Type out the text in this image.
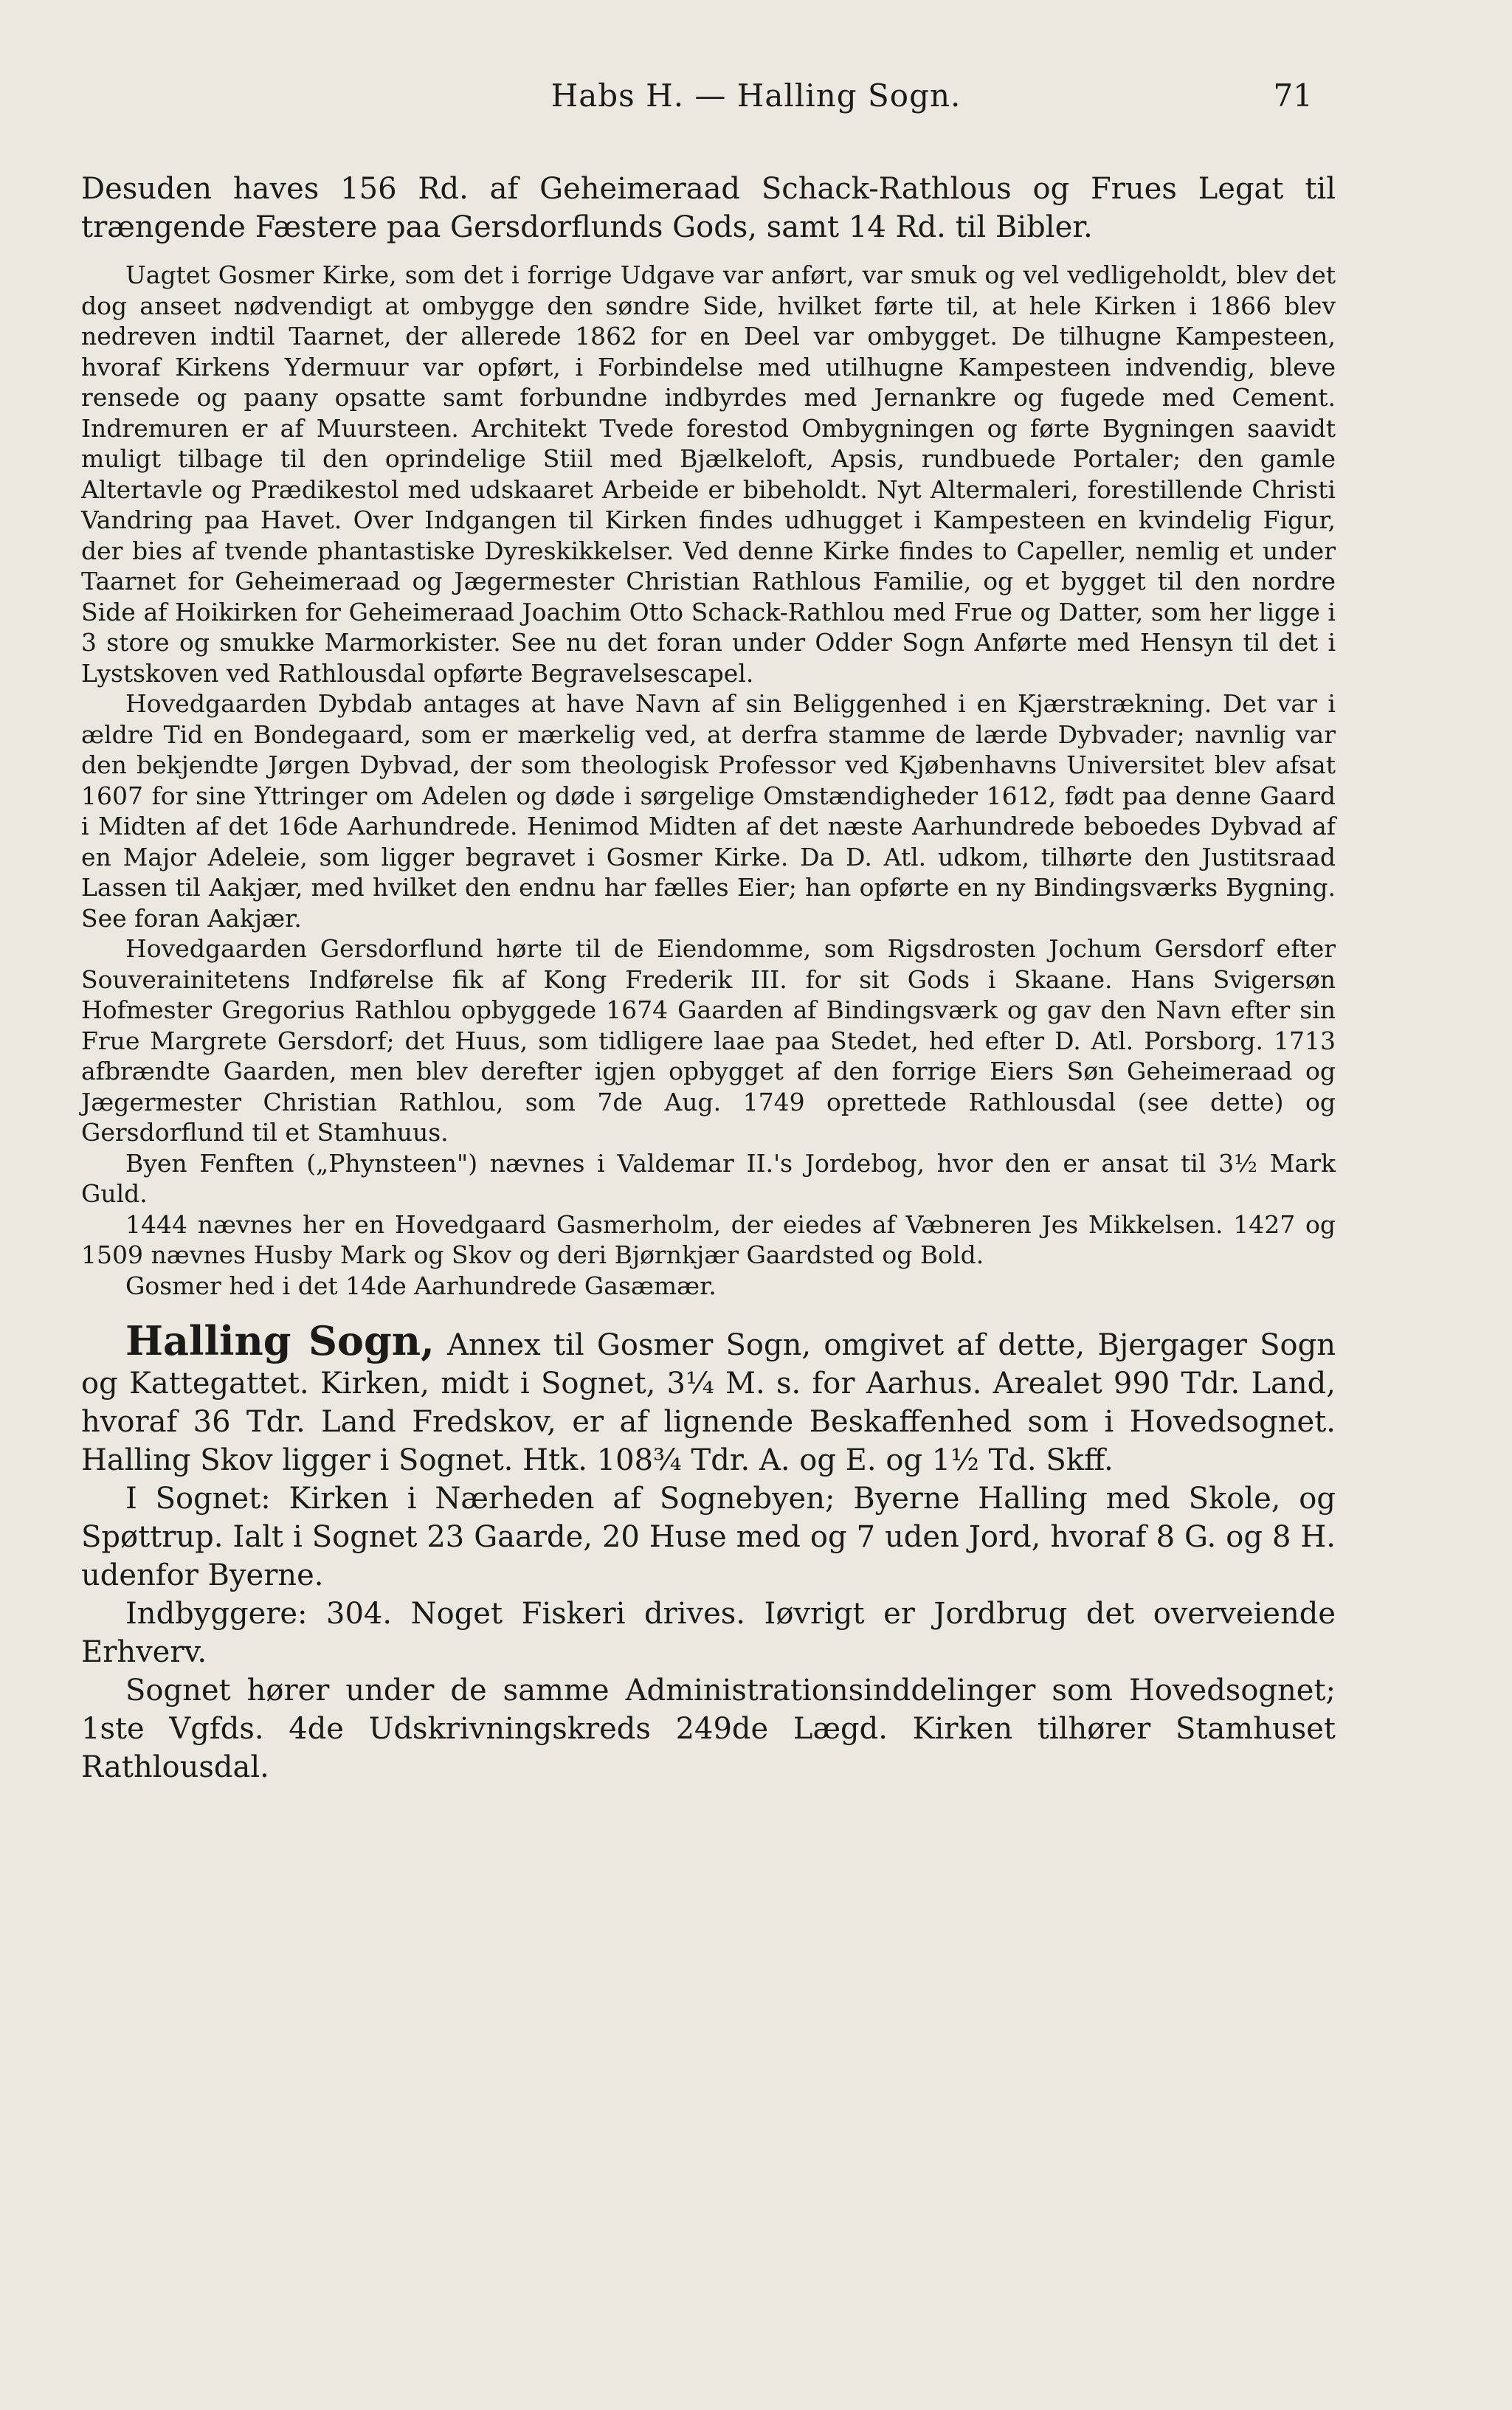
Habs H. — Halling Sogn.	71

Desuden haves 156 Rd. af Geheimeraad Schack-Rathlous og Frues Legat til trængende Fæstere paa Gersdorflunds Gods, samt 14 Rd. til Bibler.

Uagtet Gosmer Kirke, som det i forrige Udgave var anført, var smuk og vel vedligeholdt, blev det dog anseet nødvendigt at ombygge den søndre Side, hvilket førte til, at hele Kirken i 1866 blev nedreven indtil Taarnet, der allerede 1862 for en Deel var ombygget. De tilhugne Kampesteen, hvoraf Kirkens Ydermuur var opført, i Forbindelse med utilhugne Kampesteen indvendig, bleve rensede og paany opsatte samt forbundne indbyrdes med Jernankre og fugede med Cement. Indremuren er af Muursteen. Architekt Tvede forestod Ombygningen og førte Bygningen saavidt muligt tilbage til den oprindelige Stiil med Bjælkeloft, Apsis, rundbuede Portaler; den gamle Altertavle og Prædikestol med udskaaret Arbeide er bibeholdt. Nyt Altermaleri, forestillende Christi Vandring paa Havet. Over Indgangen til Kirken findes udhugget i Kampesteen en kvindelig Figur, der bies af tvende phantastiske Dyreskikkelser. Ved denne Kirke findes to Capeller, nemlig et under Taarnet for Geheimeraad og Jægermester Christian Rathlous Familie, og et bygget til den nordre Side af Hoikirken for Geheimeraad Joachim Otto Schack-Rathlou med Frue og Datter, som her ligge i 3 store og smukke Marmorkister. See nu det foran under Odder Sogn Anførte med Hensyn til det i Lystskoven ved Rathlousdal opførte Begravelsescapel.

Hovedgaarden Dybdab antages at have Navn af sin Beliggenhed i en Kjærstrækning. Det var i ældre Tid en Bondegaard, som er mærkelig ved, at derfra stamme de lærde Dybvader; navnlig var den bekjendte Jørgen Dybvad, der som theologisk Professor ved Kjøbenhavns Universitet blev afsat 1607 for sine Yttringer om Adelen og døde i sørgelige Omstændigheder 1612, født paa denne Gaard i Midten af det 16de Aarhundrede. Henimod Midten af det næste Aarhundrede beboedes Dybvad af en Major Adeleie, som ligger begravet i Gosmer Kirke. Da D. Atl. udkom, tilhørte den Justitsraad Lassen til Aakjær, med hvilket den endnu har fælles Eier; han opførte en ny Bindingsværks Bygning. See foran Aakjær.

Hovedgaarden Gersdorflund hørte til de Eiendomme, som Rigsdrosten Jochum Gersdorf efter Souverainitetens Indførelse fik af Kong Frederik III. for sit Gods i Skaane. Hans Svigersøn Hofmester Gregorius Rathlou opbyggede 1674 Gaarden af Bindingsværk og gav den Navn efter sin Frue Margrete Gersdorf; det Huus, som tidligere laae paa Stedet, hed efter D. Atl. Porsborg. 1713 afbrændte Gaarden, men blev derefter igjen opbygget af den forrige Eiers Søn Geheimeraad og Jægermester Christian Rathlou, som 7de Aug. 1749 oprettede Rathlousdal (see dette) og Gersdorflund til et Stamhuus.

Byen Fenften („Phynsteen") nævnes i Valdemar II.'s Jordebog, hvor den er ansat til 3½ Mark Guld.

1444 nævnes her en Hovedgaard Gasmerholm, der eiedes af Væbneren Jes Mikkelsen. 1427 og 1509 nævnes Husby Mark og Skov og deri Bjørnkjær Gaardsted og Bold.

Gosmer hed i det 14de Aarhundrede Gasæmær.

Halling Sogn, Annex til Gosmer Sogn, omgivet af dette, Bjergager Sogn og Kattegattet. Kirken, midt i Sognet, 3¼ M. s. for Aarhus. Arealet 990 Tdr. Land, hvoraf 36 Tdr. Land Fredskov, er af lignende Beskaffenhed som i Hovedsognet. Halling Skov ligger i Sognet. Htk. 108¾ Tdr. A. og E. og 1½ Td. Skff.

I Sognet: Kirken i Nærheden af Sognebyen; Byerne Halling med Skole, og Spøttrup. Ialt i Sognet 23 Gaarde, 20 Huse med og 7 uden Jord, hvoraf 8 G. og 8 H. udenfor Byerne.

Indbyggere: 304. Noget Fiskeri drives. Iøvrigt er Jordbrug det overveiende Erhverv.

Sognet hører under de samme Administrationsinddelinger som Hovedsognet; 1ste Vgfds. 4de Udskrivningskreds 249de Lægd. Kirken tilhører Stamhuset Rathlousdal.
